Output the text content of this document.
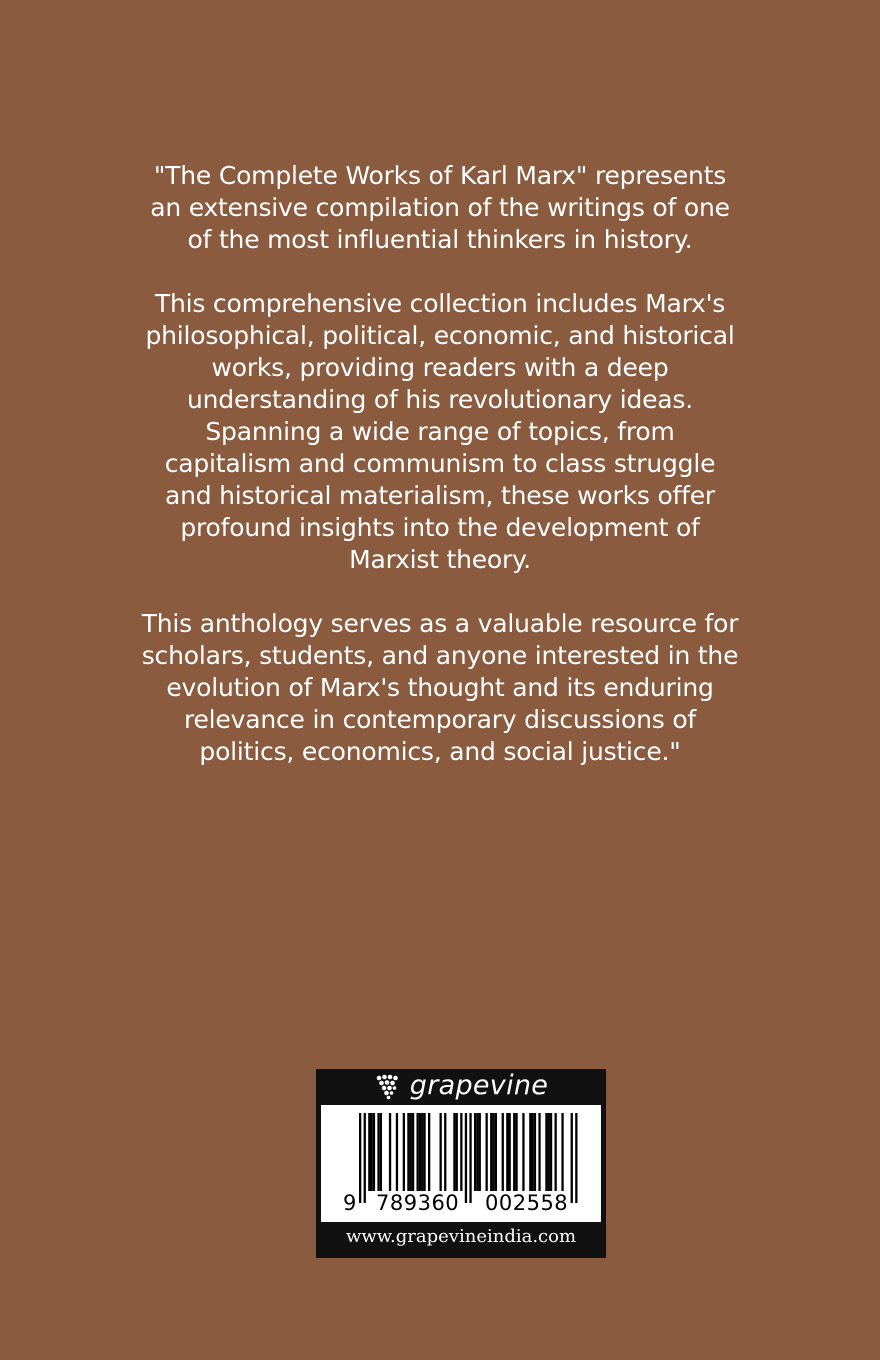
"The Complete Works of Karl Marx" represents an extensive compilation of the writings of one of the most influential thinkers in history.

This comprehensive collection includes Marx's philosophical, political, economic, and historical works, providing readers with a deep understanding of his revolutionary ideas. Spanning a wide range of topics, from capitalism and communism to class struggle and historical materialism, these works offer profound insights into the development of Marxist theory.

This anthology serves as a valuable resource for scholars, students, and anyone interested in the evolution of Marx's thought and its enduring relevance in contemporary discussions of politics, economics, and social justice."

grapevine
9 789360 002558
www.grapevineindia.com
